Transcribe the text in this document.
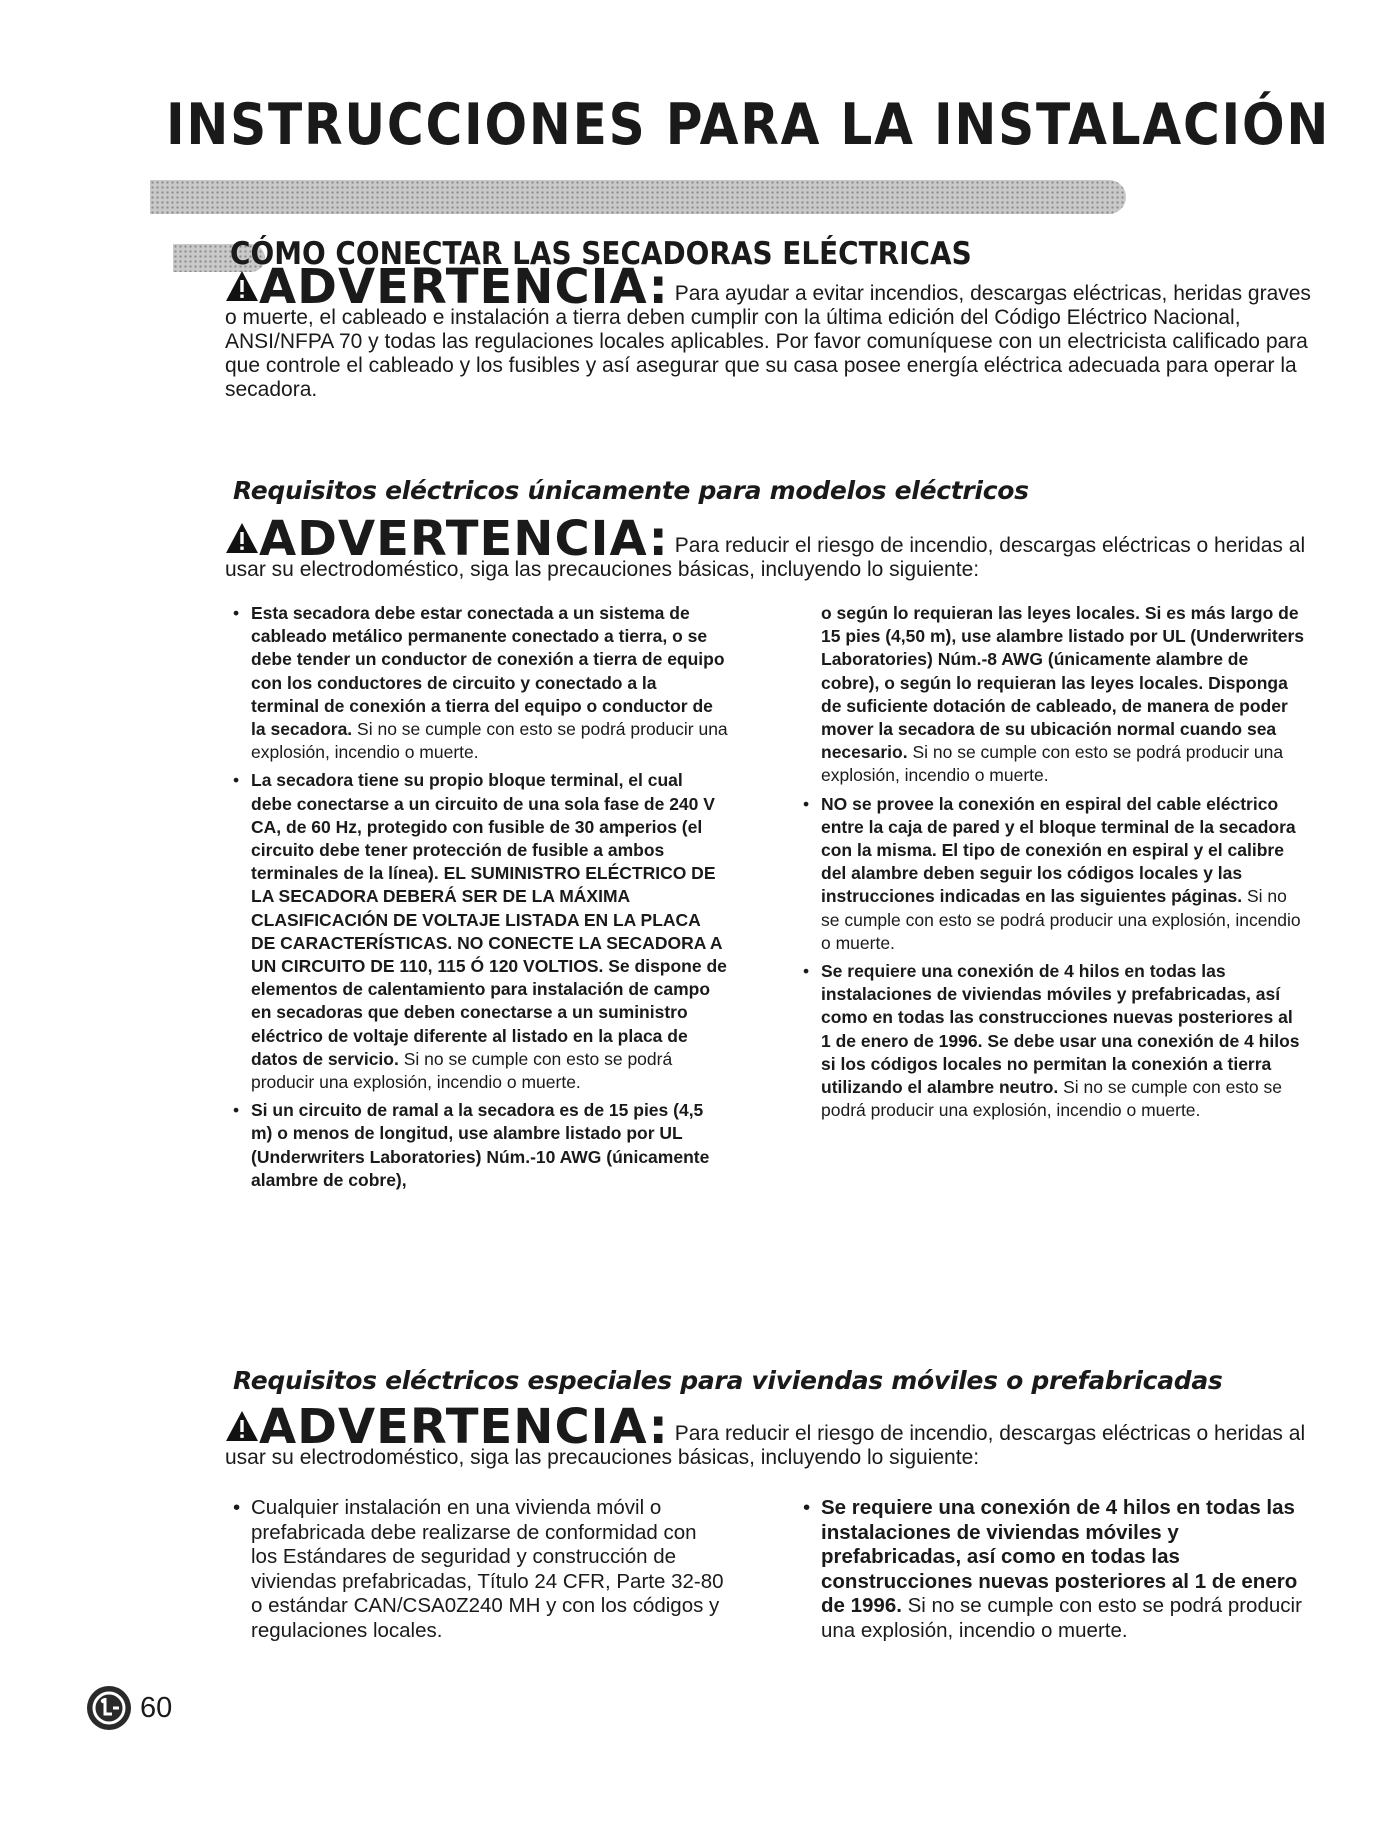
INSTRUCCIONES PARA LA INSTALACIÓN
CÓMO CONECTAR LAS SECADORAS ELÉCTRICAS
ADVERTENCIA: Para ayudar a evitar incendios, descargas eléctricas, heridas graves o muerte, el cableado e instalación a tierra deben cumplir con la última edición del Código Eléctrico Nacional, ANSI/NFPA 70 y todas las regulaciones locales aplicables. Por favor comuníquese con un electricista calificado para que controle el cableado y los fusibles y así asegurar que su casa posee energía eléctrica adecuada para operar la secadora.
Requisitos eléctricos únicamente para modelos eléctricos
ADVERTENCIA: Para reducir el riesgo de incendio, descargas eléctricas o heridas al usar su electrodoméstico, siga las precauciones básicas, incluyendo lo siguiente:
• Esta secadora debe estar conectada a un sistema de cableado metálico permanente conectado a tierra, o se debe tender un conductor de conexión a tierra de equipo con los conductores de circuito y conectado a la terminal de conexión a tierra del equipo o conductor de la secadora. Si no se cumple con esto se podrá producir una explosión, incendio o muerte.
• La secadora tiene su propio bloque terminal, el cual debe conectarse a un circuito de una sola fase de 240 V CA, de 60 Hz, protegido con fusible de 30 amperios (el circuito debe tener protección de fusible a ambos terminales de la línea). EL SUMINISTRO ELÉCTRICO DE LA SECADORA DEBERÁ SER DE LA MÁXIMA CLASIFICACIÓN DE VOLTAJE LISTADA EN LA PLACA DE CARACTERÍSTICAS. NO CONECTE LA SECADORA A UN CIRCUITO DE 110, 115 Ó 120 VOLTIOS. Se dispone de elementos de calentamiento para instalación de campo en secadoras que deben conectarse a un suministro eléctrico de voltaje diferente al listado en la placa de datos de servicio. Si no se cumple con esto se podrá producir una explosión, incendio o muerte.
• Si un circuito de ramal a la secadora es de 15 pies (4,5 m) o menos de longitud, use alambre listado por UL (Underwriters Laboratories) Núm.-10 AWG (únicamente alambre de cobre),
o según lo requieran las leyes locales. Si es más largo de 15 pies (4,50 m), use alambre listado por UL (Underwriters Laboratories) Núm.-8 AWG (únicamente alambre de cobre), o según lo requieran las leyes locales. Disponga de suficiente dotación de cableado, de manera de poder mover la secadora de su ubicación normal cuando sea necesario. Si no se cumple con esto se podrá producir una explosión, incendio o muerte.
• NO se provee la conexión en espiral del cable eléctrico entre la caja de pared y el bloque terminal de la secadora con la misma. El tipo de conexión en espiral y el calibre del alambre deben seguir los códigos locales y las instrucciones indicadas en las siguientes páginas. Si no se cumple con esto se podrá producir una explosión, incendio o muerte.
• Se requiere una conexión de 4 hilos en todas las instalaciones de viviendas móviles y prefabricadas, así como en todas las construcciones nuevas posteriores al 1 de enero de 1996. Se debe usar una conexión de 4 hilos si los códigos locales no permitan la conexión a tierra utilizando el alambre neutro. Si no se cumple con esto se podrá producir una explosión, incendio o muerte.
Requisitos eléctricos especiales para viviendas móviles o prefabricadas
ADVERTENCIA: Para reducir el riesgo de incendio, descargas eléctricas o heridas al usar su electrodoméstico, siga las precauciones básicas, incluyendo lo siguiente:
• Cualquier instalación en una vivienda móvil o prefabricada debe realizarse de conformidad con los Estándares de seguridad y construcción de viviendas prefabricadas, Título 24 CFR, Parte 32-80 o estándar CAN/CSA0Z240 MH y con los códigos y regulaciones locales.
• Se requiere una conexión de 4 hilos en todas las instalaciones de viviendas móviles y prefabricadas, así como en todas las construcciones nuevas posteriores al 1 de enero de 1996. Si no se cumple con esto se podrá producir una explosión, incendio o muerte.
60
